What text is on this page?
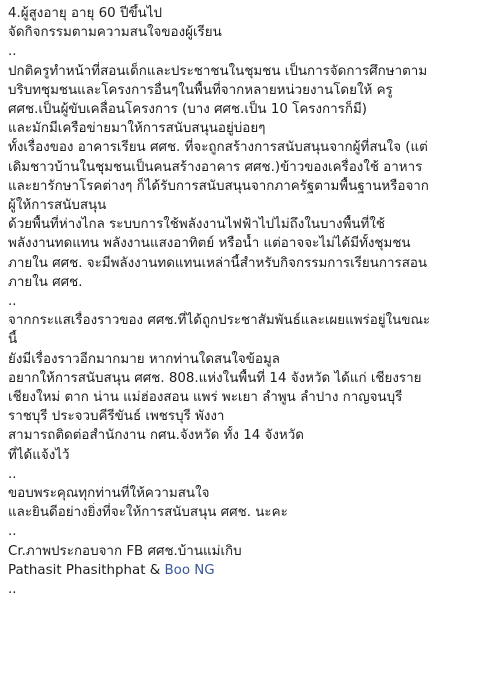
4.ผู้สูงอายุ อายุ 60 ปีขึ้นไป
จัดกิจกรรมตามความสนใจของผู้เรียน
..
ปกติครูทำหน้าที่สอนเด็กและประชาชนในชุมชน เป็นการจัดการศึกษาตาม
บริบทชุมชนและโครงการอื่นๆในพื้นที่จากหลายหน่วยงานโดยให้ ครู
ศศช.เป็นผู้ขับเคลื่อนโครงการ (บาง ศศช.เป็น 10 โครงการก็มี)
และมักมีเครือข่ายมาให้การสนับสนุนอยู่บ่อยๆ
ทั้งเรื่องของ อาคารเรียน ศศช. ที่จะถูกสร้างการสนับสนุนจากผู้ที่สนใจ (แต่
เดิมชาวบ้านในชุมชนเป็นคนสร้างอาคาร ศศช.)ข้าวของเครื่องใช้ อาหาร
และยารักษาโรคต่างๆ ก็ได้รับการสนับสนุนจากภาครัฐตามพื้นฐานหรือจาก
ผู้ให้การสนับสนุน
ด้วยพื้นที่ห่างไกล ระบบการใช้พลังงานไฟฟ้าไปไม่ถึงในบางพื้นที่ใช้
พลังงานทดแทน พลังงานแสงอาทิตย์ หรือน้ำ แต่อาจจะไม่ได้มีทั้งชุมชน
ภายใน ศศช. จะมีพลังงานทดแทนเหล่านี้สำหรับกิจกรรมการเรียนการสอน
ภายใน ศศช.
..
จากกระแสเรื่องราวของ ศศช.ที่ได้ถูกประชาสัมพันธ์และเผยแพร่อยู่ในขณะ
นี้
ยังมีเรื่องราวอีกมากมาย หากท่านใดสนใจข้อมูล
อยากให้การสนับสนุน ศศช. 808.แห่งในพื้นที่ 14 จังหวัด ได้แก่ เชียงราย
เชียงใหม่ ตาก น่าน แม่ฮ่องสอน แพร่ พะเยา ลำพูน ลำปาง กาญจนบุรี
ราชบุรี ประจวบคีรีขันธ์ เพชรบุรี พังงา
สามารถติดต่อสำนักงาน กศน.จังหวัด ทั้ง 14 จังหวัด
ที่ได้แจ้งไว้
..
ขอบพระคุณทุกท่านที่ให้ความสนใจ
และยินดีอย่างยิ่งที่จะให้การสนับสนุน ศศช. นะคะ
..
Cr.ภาพประกอบจาก FB ศศช.บ้านแม่เกิบ
Pathasit Phasithphat & Boo NG
..
